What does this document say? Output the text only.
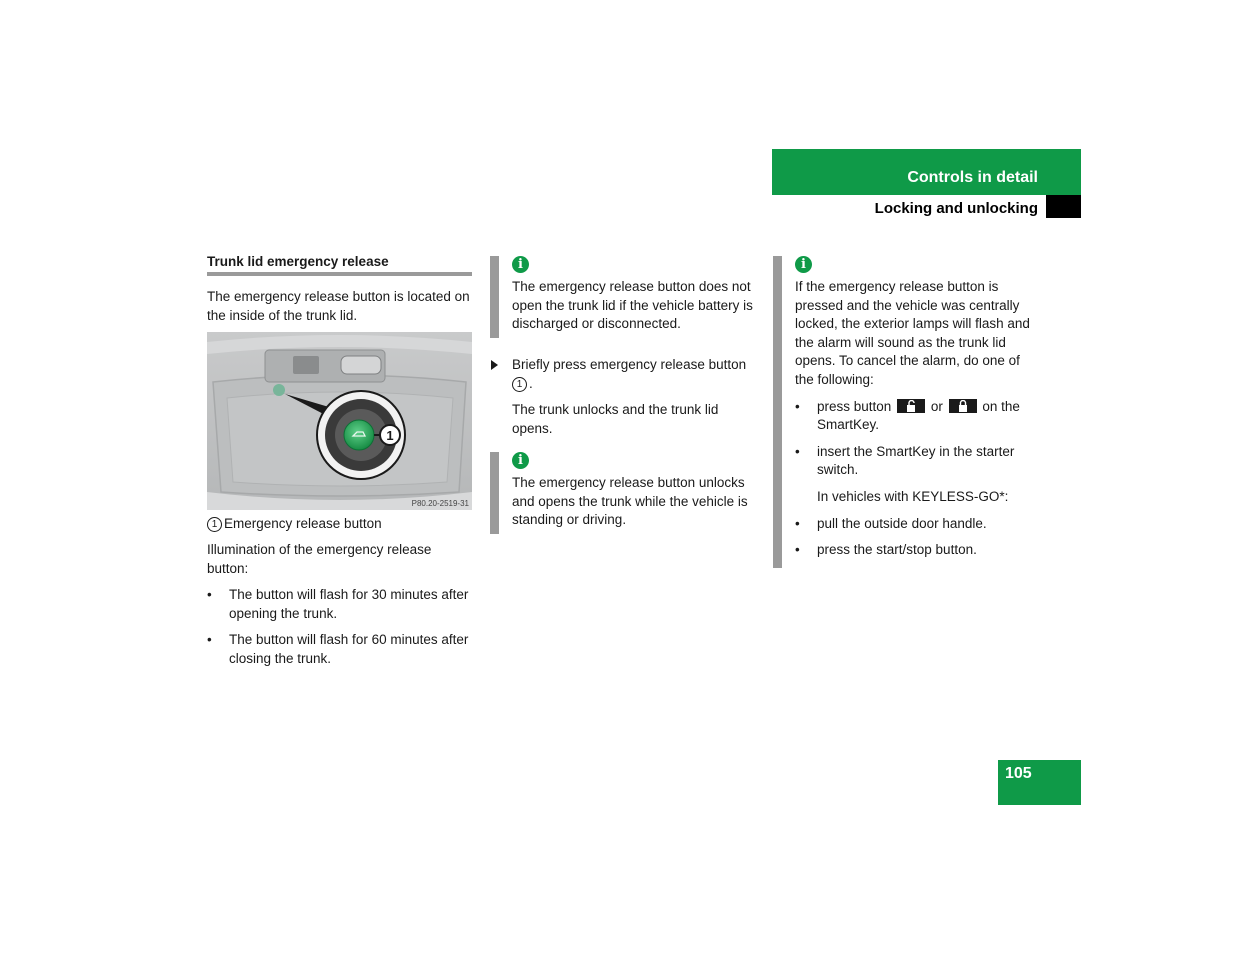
Controls in detail
Locking and unlocking
Trunk lid emergency release
The emergency release button is located on the inside of the trunk lid.
1
P80.20-2519-31
1 Emergency release button
Illumination of the emergency release button:
• The button will flash for 30 minutes after opening the trunk.
• The button will flash for 60 minutes after closing the trunk.
i
The emergency release button does not open the trunk lid if the vehicle battery is discharged or disconnected.
Briefly press emergency release button 1 .
The trunk unlocks and the trunk lid opens.
i
The emergency release button unlocks and opens the trunk while the vehicle is standing or driving.
i
If the emergency release button is pressed and the vehicle was centrally locked, the exterior lamps will flash and the alarm will sound as the trunk lid opens. To cancel the alarm, do one of the following:
• press button	or	on the SmartKey.
• insert the SmartKey in the starter switch.
In vehicles with KEYLESS-GO*:
• pull the outside door handle.
• press the start/stop button.
105
